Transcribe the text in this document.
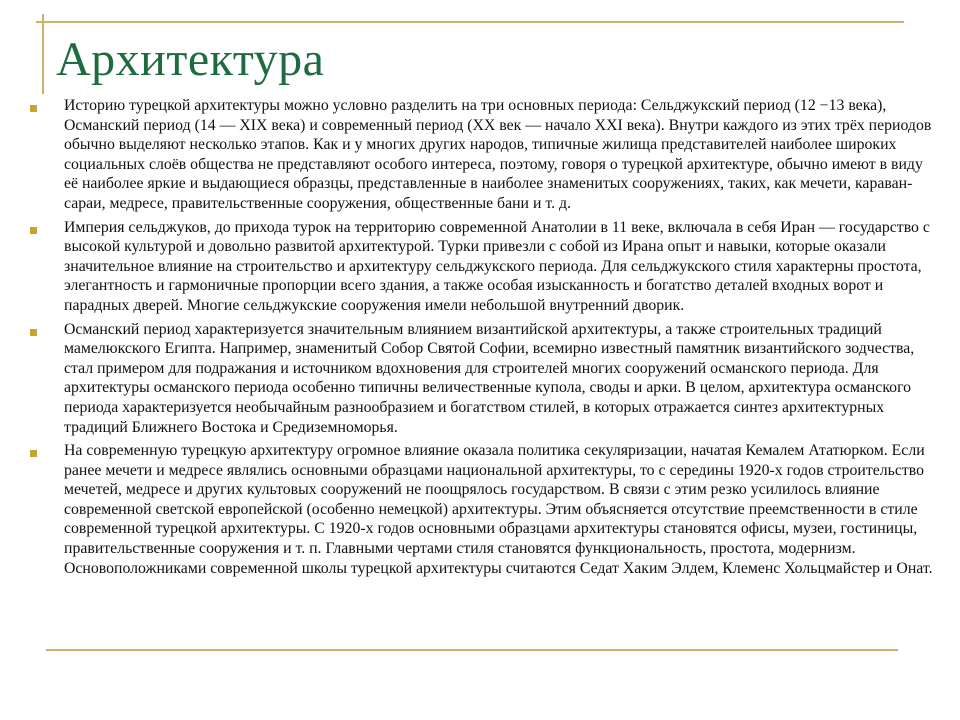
Архитектура
Историю турецкой архитектуры можно условно разделить на три основных периода: Сельджукский период (12 −13 века), Османский период (14 — XIX века) и современный период (XX век — начало XXI века). Внутри каждого из этих трёх периодов обычно выделяют несколько этапов. Как и у многих других народов, типичные жилища представителей наиболее широких социальных слоёв общества не представляют особого интереса, поэтому, говоря о турецкой архитектуре, обычно имеют в виду её наиболее яркие и выдающиеся образцы, представленные в наиболее знаменитых сооружениях, таких, как мечети, караван-сараи, медресе, правительственные сооружения, общественные бани и т. д.
Империя сельджуков, до прихода турок на территорию современной Анатолии в 11 веке, включала в себя Иран — государство с высокой культурой и довольно развитой архитектурой. Турки привезли с собой из Ирана опыт и навыки, которые оказали значительное влияние на строительство и архитектуру сельджукского периода. Для сельджукского стиля характерны простота, элегантность и гармоничные пропорции всего здания, а также особая изысканность и богатство деталей входных ворот и парадных дверей. Многие сельджукские сооружения имели небольшой внутренний дворик.
Османский период характеризуется значительным влиянием византийской архитектуры, а также строительных традиций мамелюкского Египта. Например, знаменитый Собор Святой Софии, всемирно известный памятник византийского зодчества, стал примером для подражания и источником вдохновения для строителей многих сооружений османского периода. Для архитектуры османского периода особенно типичны величественные купола, своды и арки. В целом, архитектура османского периода характеризуется необычайным разнообразием и богатством стилей, в которых отражается синтез архитектурных традиций Ближнего Востока и Средиземноморья.
На современную турецкую архитектуру огромное влияние оказала политика секуляризации, начатая Кемалем Ататюрком. Если ранее мечети и медресе являлись основными образцами национальной архитектуры, то с середины 1920-х годов строительство мечетей, медресе и других культовых сооружений не поощрялось государством. В связи с этим резко усилилось влияние современной светской европейской (особенно немецкой) архитектуры. Этим объясняется отсутствие преемственности в стиле современной турецкой архитектуры. С 1920-х годов основными образцами архитектуры становятся офисы, музеи, гостиницы, правительственные сооружения и т. п. Главными чертами стиля становятся функциональность, простота, модернизм. Основоположниками современной школы турецкой архитектуры считаются Седат Хаким Элдем, Клеменс Хольцмайстер и Онат.
